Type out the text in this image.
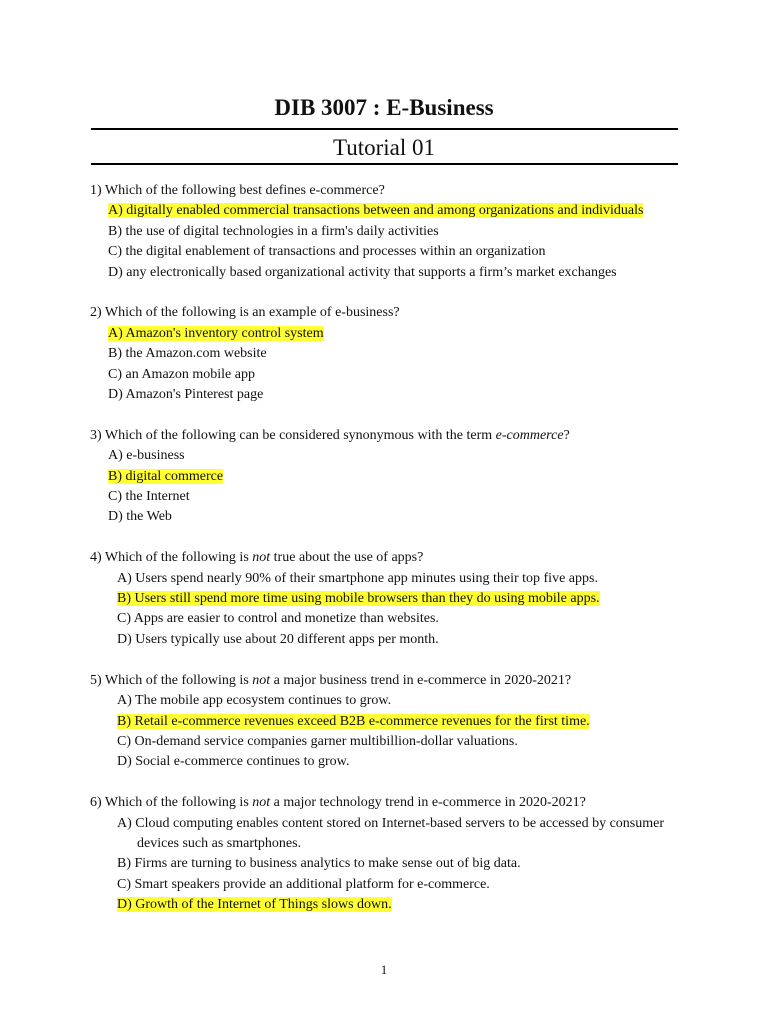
DIB 3007 : E-Business
Tutorial 01
1) Which of the following best defines e-commerce?
A) digitally enabled commercial transactions between and among organizations and individuals
B) the use of digital technologies in a firm's daily activities
C) the digital enablement of transactions and processes within an organization
D) any electronically based organizational activity that supports a firm’s market exchanges
2) Which of the following is an example of e-business?
A) Amazon's inventory control system
B) the Amazon.com website
C) an Amazon mobile app
D) Amazon's Pinterest page
3) Which of the following can be considered synonymous with the term e-commerce?
A) e-business
B) digital commerce
C) the Internet
D) the Web
4) Which of the following is not true about the use of apps?
A) Users spend nearly 90% of their smartphone app minutes using their top five apps.
B) Users still spend more time using mobile browsers than they do using mobile apps.
C) Apps are easier to control and monetize than websites.
D) Users typically use about 20 different apps per month.
5) Which of the following is not a major business trend in e-commerce in 2020-2021?
A) The mobile app ecosystem continues to grow.
B) Retail e-commerce revenues exceed B2B e-commerce revenues for the first time.
C) On-demand service companies garner multibillion-dollar valuations.
D) Social e-commerce continues to grow.
6) Which of the following is not a major technology trend in e-commerce in 2020-2021?
A) Cloud computing enables content stored on Internet-based servers to be accessed by consumer devices such as smartphones.
B) Firms are turning to business analytics to make sense out of big data.
C) Smart speakers provide an additional platform for e-commerce.
D) Growth of the Internet of Things slows down.
1
